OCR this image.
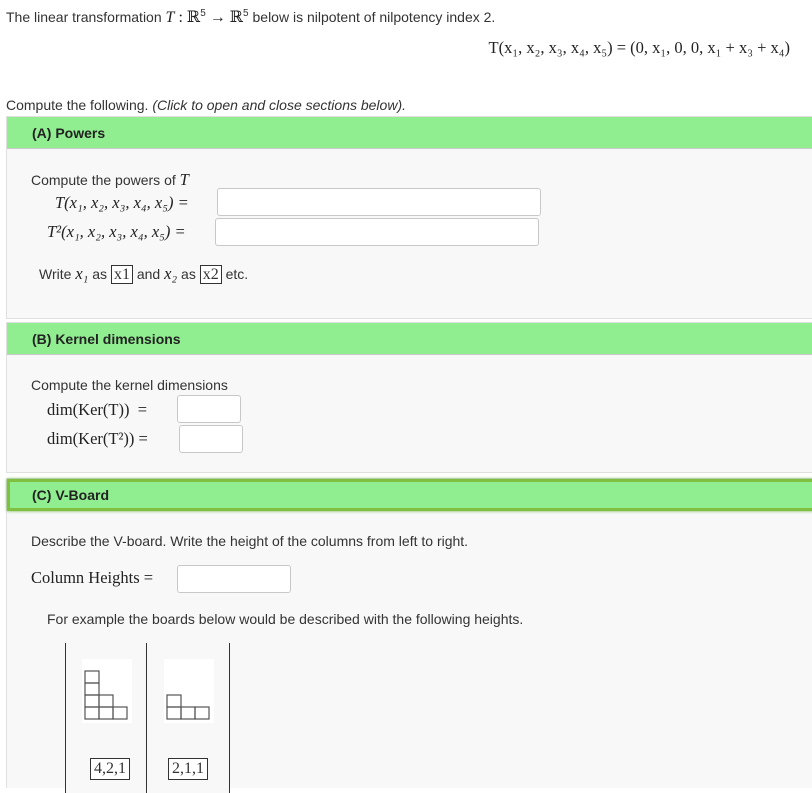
The linear transformation T : ℝ$^5$ → ℝ$^5$ below is nilpotent of nilpotency index 2.
T(x₁, x₂, x₃, x₄, x₅) = (0, x₁, 0, 0, x₁ + x₃ + x₄)
Compute the following. (Click to open and close sections below).
(A) Powers
Compute the powers of T
T(x₁, x₂, x₃, x₄, x₅) =
T²(x₁, x₂, x₃, x₄, x₅) =
Write x₁ as x1 and x₂ as x2 etc.
(B) Kernel dimensions
Compute the kernel dimensions
dim(Ker(T))  =
dim(Ker(T²)) =
(C) V-Board
Describe the V-board. Write the height of the columns from left to right.
Column Heights =
For example the boards below would be described with the following heights.
4,2,1	2,1,1
